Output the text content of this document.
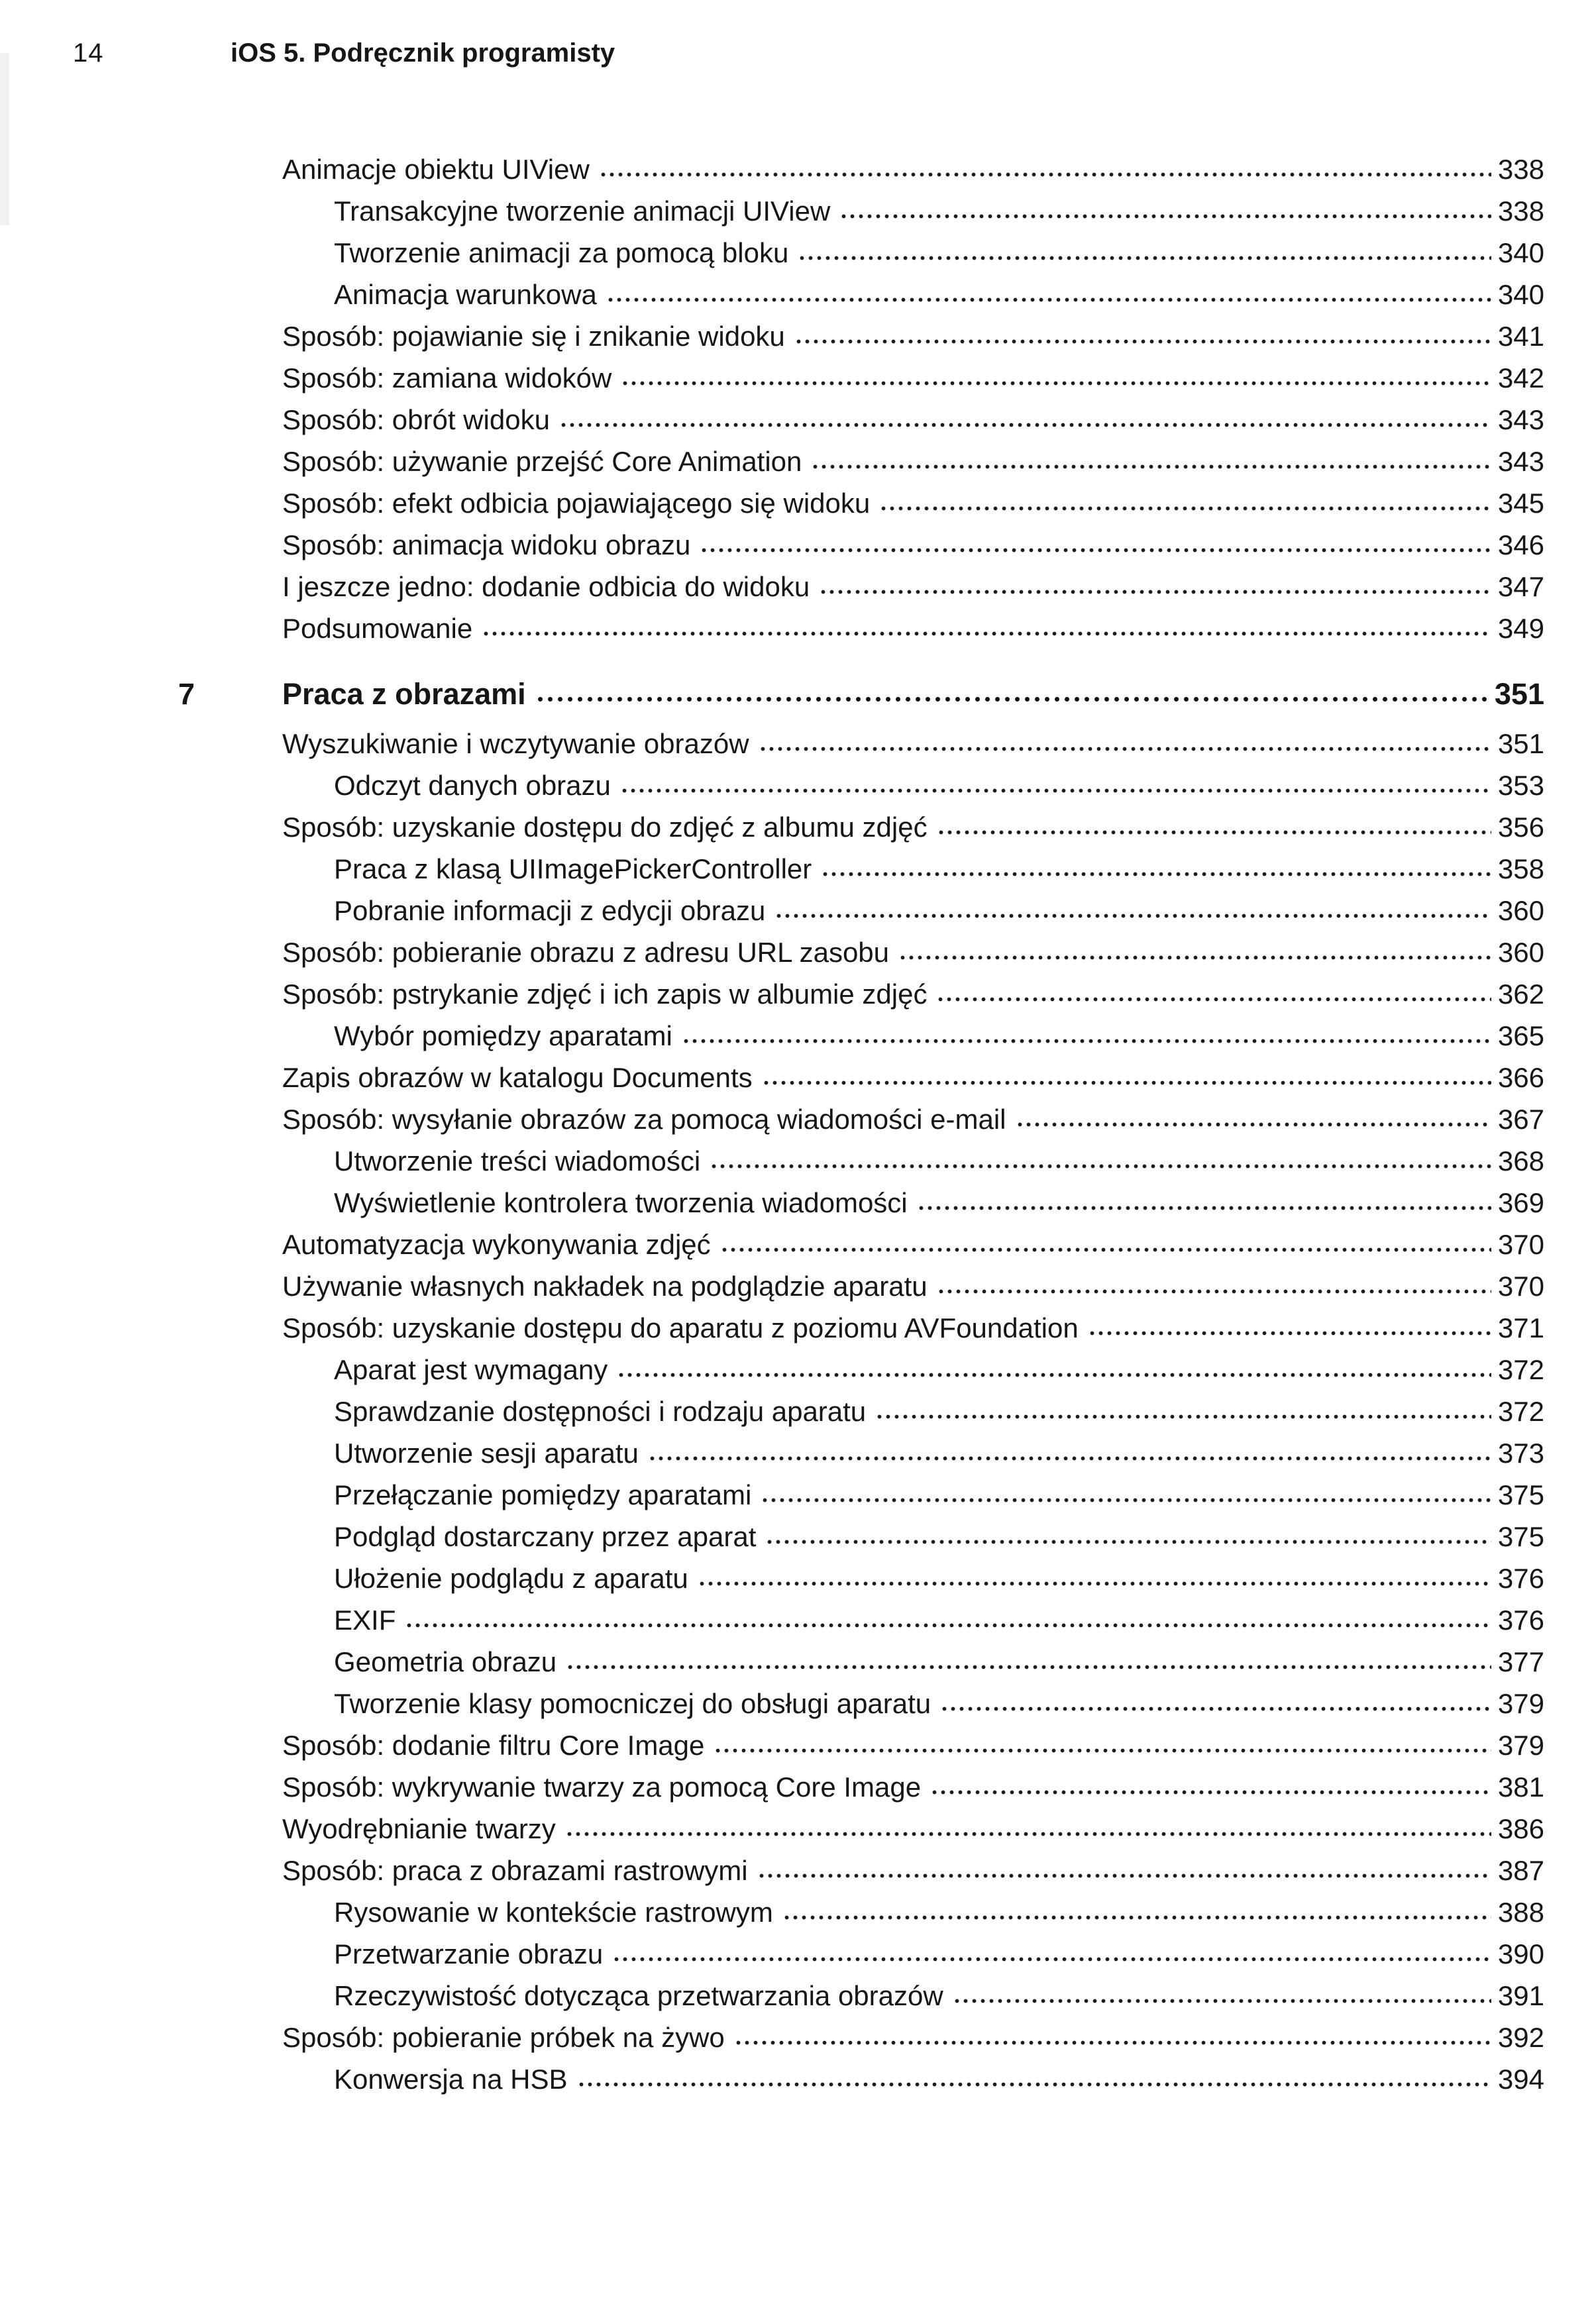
14	iOS 5. Podręcznik programisty
Animacje obiektu UIView	338
Transakcyjne tworzenie animacji UIView	338
Tworzenie animacji za pomocą bloku	340
Animacja warunkowa	340
Sposób: pojawianie się i znikanie widoku	341
Sposób: zamiana widoków	342
Sposób: obrót widoku	343
Sposób: używanie przejść Core Animation	343
Sposób: efekt odbicia pojawiającego się widoku	345
Sposób: animacja widoku obrazu	346
I jeszcze jedno: dodanie odbicia do widoku	347
Podsumowanie	349
7	Praca z obrazami	351
Wyszukiwanie i wczytywanie obrazów	351
Odczyt danych obrazu	353
Sposób: uzyskanie dostępu do zdjęć z albumu zdjęć	356
Praca z klasą UIImagePickerController	358
Pobranie informacji z edycji obrazu	360
Sposób: pobieranie obrazu z adresu URL zasobu	360
Sposób: pstrykanie zdjęć i ich zapis w albumie zdjęć	362
Wybór pomiędzy aparatami	365
Zapis obrazów w katalogu Documents	366
Sposób: wysyłanie obrazów za pomocą wiadomości e-mail	367
Utworzenie treści wiadomości	368
Wyświetlenie kontrolera tworzenia wiadomości	369
Automatyzacja wykonywania zdjęć	370
Używanie własnych nakładek na podglądzie aparatu	370
Sposób: uzyskanie dostępu do aparatu z poziomu AVFoundation	371
Aparat jest wymagany	372
Sprawdzanie dostępności i rodzaju aparatu	372
Utworzenie sesji aparatu	373
Przełączanie pomiędzy aparatami	375
Podgląd dostarczany przez aparat	375
Ułożenie podglądu z aparatu	376
EXIF	376
Geometria obrazu	377
Tworzenie klasy pomocniczej do obsługi aparatu	379
Sposób: dodanie filtru Core Image	379
Sposób: wykrywanie twarzy za pomocą Core Image	381
Wyodrębnianie twarzy	386
Sposób: praca z obrazami rastrowymi	387
Rysowanie w kontekście rastrowym	388
Przetwarzanie obrazu	390
Rzeczywistość dotycząca przetwarzania obrazów	391
Sposób: pobieranie próbek na żywo	392
Konwersja na HSB	394
